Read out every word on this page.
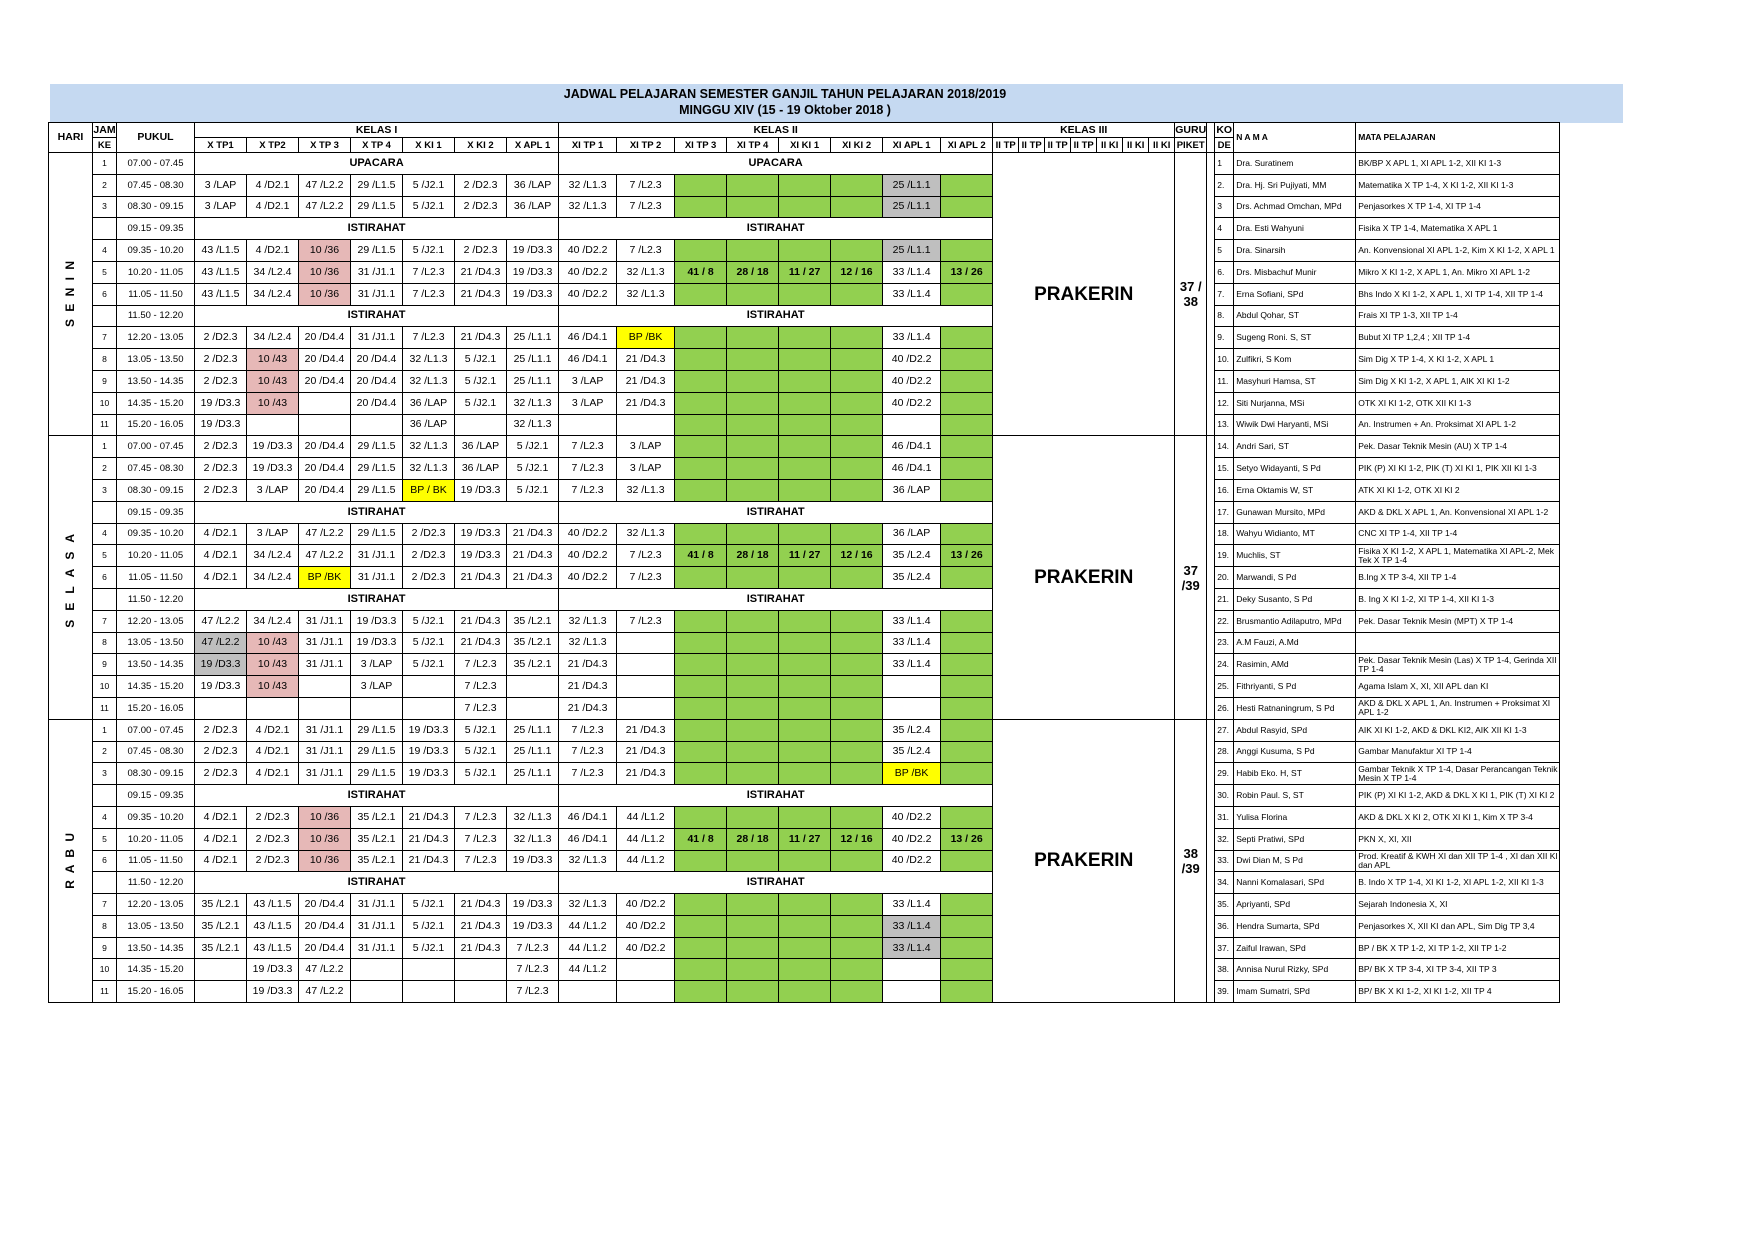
JADWAL PELAJARAN SEMESTER GANJIL TAHUN PELAJARAN 2018/2019
MINGGU XIV (15 - 19 Oktober 2018 )
HARI	JAM	PUKUL	KELAS I							KELAS II								KELAS III							GURU		KO	N A M A	MATA PELAJARAN
	KE		X TP1	X TP2	X TP 3	X TP 4	X KI 1	X KI 2	X APL 1	XI TP 1	XI TP 2	XI TP 3	XI TP 4	XI KI 1	XI KI 2	XI APL 1	XI APL 2	II TP	II TP	II TP	II TP	II KI	II KI	II KI	PIKET		DE		
S E N I N	1	07.00 - 07.45	UPACARA							UPACARA								PRAKERIN							37 / 38		1	Dra. Suratinem	BK/BP X APL 1, XI APL 1-2, XII KI 1-3
	2	07.45 - 08.30	3 /LAP	4 /D2.1	47 /L2.2	29 /L1.5	5 /J2.1	2 /D2.3	36 /LAP	32 /L1.3	7 /L2.3					25 /L1.1											2.	Dra. Hj. Sri Pujiyati, MM	Matematika X TP 1-4, X KI 1-2, XII KI 1-3
	3	08.30 - 09.15	3 /LAP	4 /D2.1	47 /L2.2	29 /L1.5	5 /J2.1	2 /D2.3	36 /LAP	32 /L1.3	7 /L2.3					25 /L1.1											3	Drs. Achmad Omchan, MPd	Penjasorkes X TP 1-4, XI TP 1-4
		09.15 - 09.35	ISTIRAHAT							ISTIRAHAT																	4	Dra. Esti Wahyuni	Fisika X TP 1-4, Matematika X APL 1
	4	09.35 - 10.20	43 /L1.5	4 /D2.1	10 /36	29 /L1.5	5 /J2.1	2 /D2.3	19 /D3.3	40 /D2.2	7 /L2.3					25 /L1.1											5	Dra. Sinarsih	An. Konvensional XI APL 1-2, Kim X KI 1-2, X APL 1
	5	10.20 - 11.05	43 /L1.5	34 /L2.4	10 /36	31 /J1.1	7 /L2.3	21 /D4.3	19 /D3.3	40 /D2.2	32 /L1.3	41 / 8	28 / 18	11 / 27	12 / 16	33 /L1.4	13 / 26										6.	Drs. Misbachuf Munir	Mikro X KI 1-2, X APL 1, An. Mikro XI APL 1-2
	6	11.05 - 11.50	43 /L1.5	34 /L2.4	10 /36	31 /J1.1	7 /L2.3	21 /D4.3	19 /D3.3	40 /D2.2	32 /L1.3					33 /L1.4											7.	Erna Sofiani, SPd	Bhs Indo X KI 1-2, X APL 1, XI TP 1-4, XII TP 1-4
		11.50 - 12.20	ISTIRAHAT							ISTIRAHAT																	8.	Abdul Qohar, ST	Frais XI TP 1-3, XII TP 1-4
	7	12.20 - 13.05	2 /D2.3	34 /L2.4	20 /D4.4	31 /J1.1	7 /L2.3	21 /D4.3	25 /L1.1	46 /D4.1	BP /BK					33 /L1.4											9.	Sugeng Roni. S, ST	Bubut XI TP 1,2,4 ; XII TP 1-4
	8	13.05 - 13.50	2 /D2.3	10 /43	20 /D4.4	20 /D4.4	32 /L1.3	5 /J2.1	25 /L1.1	46 /D4.1	21 /D4.3					40 /D2.2											10.	Zulfikri, S Kom	Sim Dig X TP 1-4, X KI 1-2, X APL 1
	9	13.50 - 14.35	2 /D2.3	10 /43	20 /D4.4	20 /D4.4	32 /L1.3	5 /J2.1	25 /L1.1	3 /LAP	21 /D4.3					40 /D2.2											11.	Masyhuri Hamsa, ST	Sim Dig X KI 1-2, X APL 1, AIK XI KI 1-2
	10	14.35 - 15.20	19 /D3.3	10 /43		20 /D4.4	36 /LAP	5 /J2.1	32 /L1.3	3 /LAP	21 /D4.3					40 /D2.2											12.	Siti Nurjanna, MSi	OTK XI KI 1-2, OTK XII KI 1-3
	11	15.20 - 16.05	19 /D3.3				36 /LAP		32 /L1.3																		13.	Wiwik Dwi Haryanti, MSi	An. Instrumen + An. Proksimat XI APL 1-2
SELASA	1	07.00 - 07.45	2 /D2.3	19 /D3.3	20 /D4.4	29 /L1.5	32 /L1.3	36 /LAP	5 /J2.1	7 /L2.3	3 /LAP					46 /D4.1		PRAKERIN							37 /39		14.	Andri Sari, ST	Pek. Dasar Teknik Mesin (AU) X TP 1-4
	2	07.45 - 08.30	2 /D2.3	19 /D3.3	20 /D4.4	29 /L1.5	32 /L1.3	36 /LAP	5 /J2.1	7 /L2.3	3 /LAP					46 /D4.1											15.	Setyo Widayanti, S Pd	PIK (P) XI KI 1-2, PIK (T) XI KI 1, PIK XII KI 1-3
	3	08.30 - 09.15	2 /D2.3	3 /LAP	20 /D4.4	29 /L1.5	BP / BK	19 /D3.3	5 /J2.1	7 /L2.3	32 /L1.3					36 /LAP											16.	Erna Oktamis W, ST	ATK XI KI 1-2, OTK XI KI 2
		09.15 - 09.35	ISTIRAHAT							ISTIRAHAT																	17.	Gunawan Mursito, MPd	AKD & DKL X APL 1, An. Konvensional XI APL 1-2
	4	09.35 - 10.20	4 /D2.1	3 /LAP	47 /L2.2	29 /L1.5	2 /D2.3	19 /D3.3	21 /D4.3	40 /D2.2	32 /L1.3					36 /LAP											18.	Wahyu Widianto, MT	CNC XI TP 1-4, XII TP 1-4
	5	10.20 - 11.05	4 /D2.1	34 /L2.4	47 /L2.2	31 /J1.1	2 /D2.3	19 /D3.3	21 /D4.3	40 /D2.2	7 /L2.3	41 / 8	28 / 18	11 / 27	12 / 16	35 /L2.4	13 / 26										19.	Muchlis, ST	Fisika X KI 1-2, X APL 1, Matematika XI APL-2, Mek Tek X TP 1-4
	6	11.05 - 11.50	4 /D2.1	34 /L2.4	BP /BK	31 /J1.1	2 /D2.3	21 /D4.3	21 /D4.3	40 /D2.2	7 /L2.3					35 /L2.4											20.	Marwandi, S Pd	B.Ing X TP 3-4, XII TP 1-4
		11.50 - 12.20	ISTIRAHAT							ISTIRAHAT																	21.	Deky Susanto, S Pd	B. Ing X KI 1-2, XI TP 1-4, XII KI 1-3
	7	12.20 - 13.05	47 /L2.2	34 /L2.4	31 /J1.1	19 /D3.3	5 /J2.1	21 /D4.3	35 /L2.1	32 /L1.3	7 /L2.3					33 /L1.4											22.	Brusmantio Adilaputro, MPd	Pek. Dasar Teknik Mesin (MPT) X TP 1-4
	8	13.05 - 13.50	47 /L2.2	10 /43	31 /J1.1	19 /D3.3	5 /J2.1	21 /D4.3	35 /L2.1	32 /L1.3						33 /L1.4											23.	A.M Fauzi, A.Md	
	9	13.50 - 14.35	19 /D3.3	10 /43	31 /J1.1	3 /LAP	5 /J2.1	7 /L2.3	35 /L2.1	21 /D4.3						33 /L1.4											24.	Rasimin, AMd	Pek. Dasar Teknik Mesin (Las) X TP 1-4, Gerinda XII TP 1-4
	10	14.35 - 15.20	19 /D3.3	10 /43		3 /LAP		7 /L2.3		21 /D4.3																	25.	Fithriyanti, S Pd	Agama Islam X, XI, XII APL dan KI
	11	15.20 - 16.05						7 /L2.3		21 /D4.3																	26.	Hesti Ratnaningrum, S Pd	AKD & DKL X APL 1, An. Instrumen + Proksimat XI APL 1-2
R A B U	1	07.00 - 07.45	2 /D2.3	4 /D2.1	31 /J1.1	29 /L1.5	19 /D3.3	5 /J2.1	25 /L1.1	7 /L2.3	21 /D4.3					35 /L2.4		PRAKERIN							38 /39		27.	Abdul Rasyid, SPd	AIK XI KI 1-2, AKD & DKL KI2, AIK XII KI 1-3
	2	07.45 - 08.30	2 /D2.3	4 /D2.1	31 /J1.1	29 /L1.5	19 /D3.3	5 /J2.1	25 /L1.1	7 /L2.3	21 /D4.3					35 /L2.4											28.	Anggi Kusuma, S Pd	Gambar Manufaktur XI TP 1-4
	3	08.30 - 09.15	2 /D2.3	4 /D2.1	31 /J1.1	29 /L1.5	19 /D3.3	5 /J2.1	25 /L1.1	7 /L2.3	21 /D4.3					BP /BK											29.	Habib Eko. H, ST	Gambar Teknik X TP 1-4, Dasar Perancangan Teknik Mesin X TP 1-4
		09.15 - 09.35	ISTIRAHAT							ISTIRAHAT																	30.	Robin Paul. S, ST	PIK (P) XI KI 1-2, AKD & DKL X KI 1, PIK (T) XI KI 2
	4	09.35 - 10.20	4 /D2.1	2 /D2.3	10 /36	35 /L2.1	21 /D4.3	7 /L2.3	32 /L1.3	46 /D4.1	44 /L1.2					40 /D2.2											31.	Yulisa Florina	AKD & DKL X KI 2, OTK XI KI 1, Kim X TP 3-4
	5	10.20 - 11.05	4 /D2.1	2 /D2.3	10 /36	35 /L2.1	21 /D4.3	7 /L2.3	32 /L1.3	46 /D4.1	44 /L1.2	41 / 8	28 / 18	11 / 27	12 / 16	40 /D2.2	13 / 26										32.	Septi Pratiwi, SPd	PKN X, XI, XII
	6	11.05 - 11.50	4 /D2.1	2 /D2.3	10 /36	35 /L2.1	21 /D4.3	7 /L2.3	19 /D3.3	32 /L1.3	44 /L1.2					40 /D2.2											33.	Dwi Dian M, S Pd	Prod. Kreatif & KWH XI dan XII TP 1-4 , XI dan XII KI dan APL
		11.50 - 12.20	ISTIRAHAT							ISTIRAHAT																	34.	Nanni Komalasari, SPd	B. Indo X TP 1-4, XI KI 1-2, XI APL 1-2, XII KI 1-3
	7	12.20 - 13.05	35 /L2.1	43 /L1.5	20 /D4.4	31 /J1.1	5 /J2.1	21 /D4.3	19 /D3.3	32 /L1.3	40 /D2.2					33 /L1.4											35.	Apriyanti, SPd	Sejarah Indonesia X, XI
	8	13.05 - 13.50	35 /L2.1	43 /L1.5	20 /D4.4	31 /J1.1	5 /J2.1	21 /D4.3	19 /D3.3	44 /L1.2	40 /D2.2					33 /L1.4											36.	Hendra Sumarta, SPd	Penjasorkes X, XII KI dan APL, Sim Dig TP 3,4
	9	13.50 - 14.35	35 /L2.1	43 /L1.5	20 /D4.4	31 /J1.1	5 /J2.1	21 /D4.3	7 /L2.3	44 /L1.2	40 /D2.2					33 /L1.4											37.	Zaiful Irawan, SPd	BP / BK X TP 1-2, XI TP 1-2, XII TP 1-2
	10	14.35 - 15.20		19 /D3.3	47 /L2.2				7 /L2.3	44 /L1.2																	38.	Annisa Nurul Rizky, SPd	BP/ BK X TP 3-4, XI TP 3-4, XII TP 3
	11	15.20 - 16.05		19 /D3.3	47 /L2.2				7 /L2.3																		39.	Imam Sumatri, SPd	BP/ BK X KI 1-2, XI KI 1-2, XII TP 4
